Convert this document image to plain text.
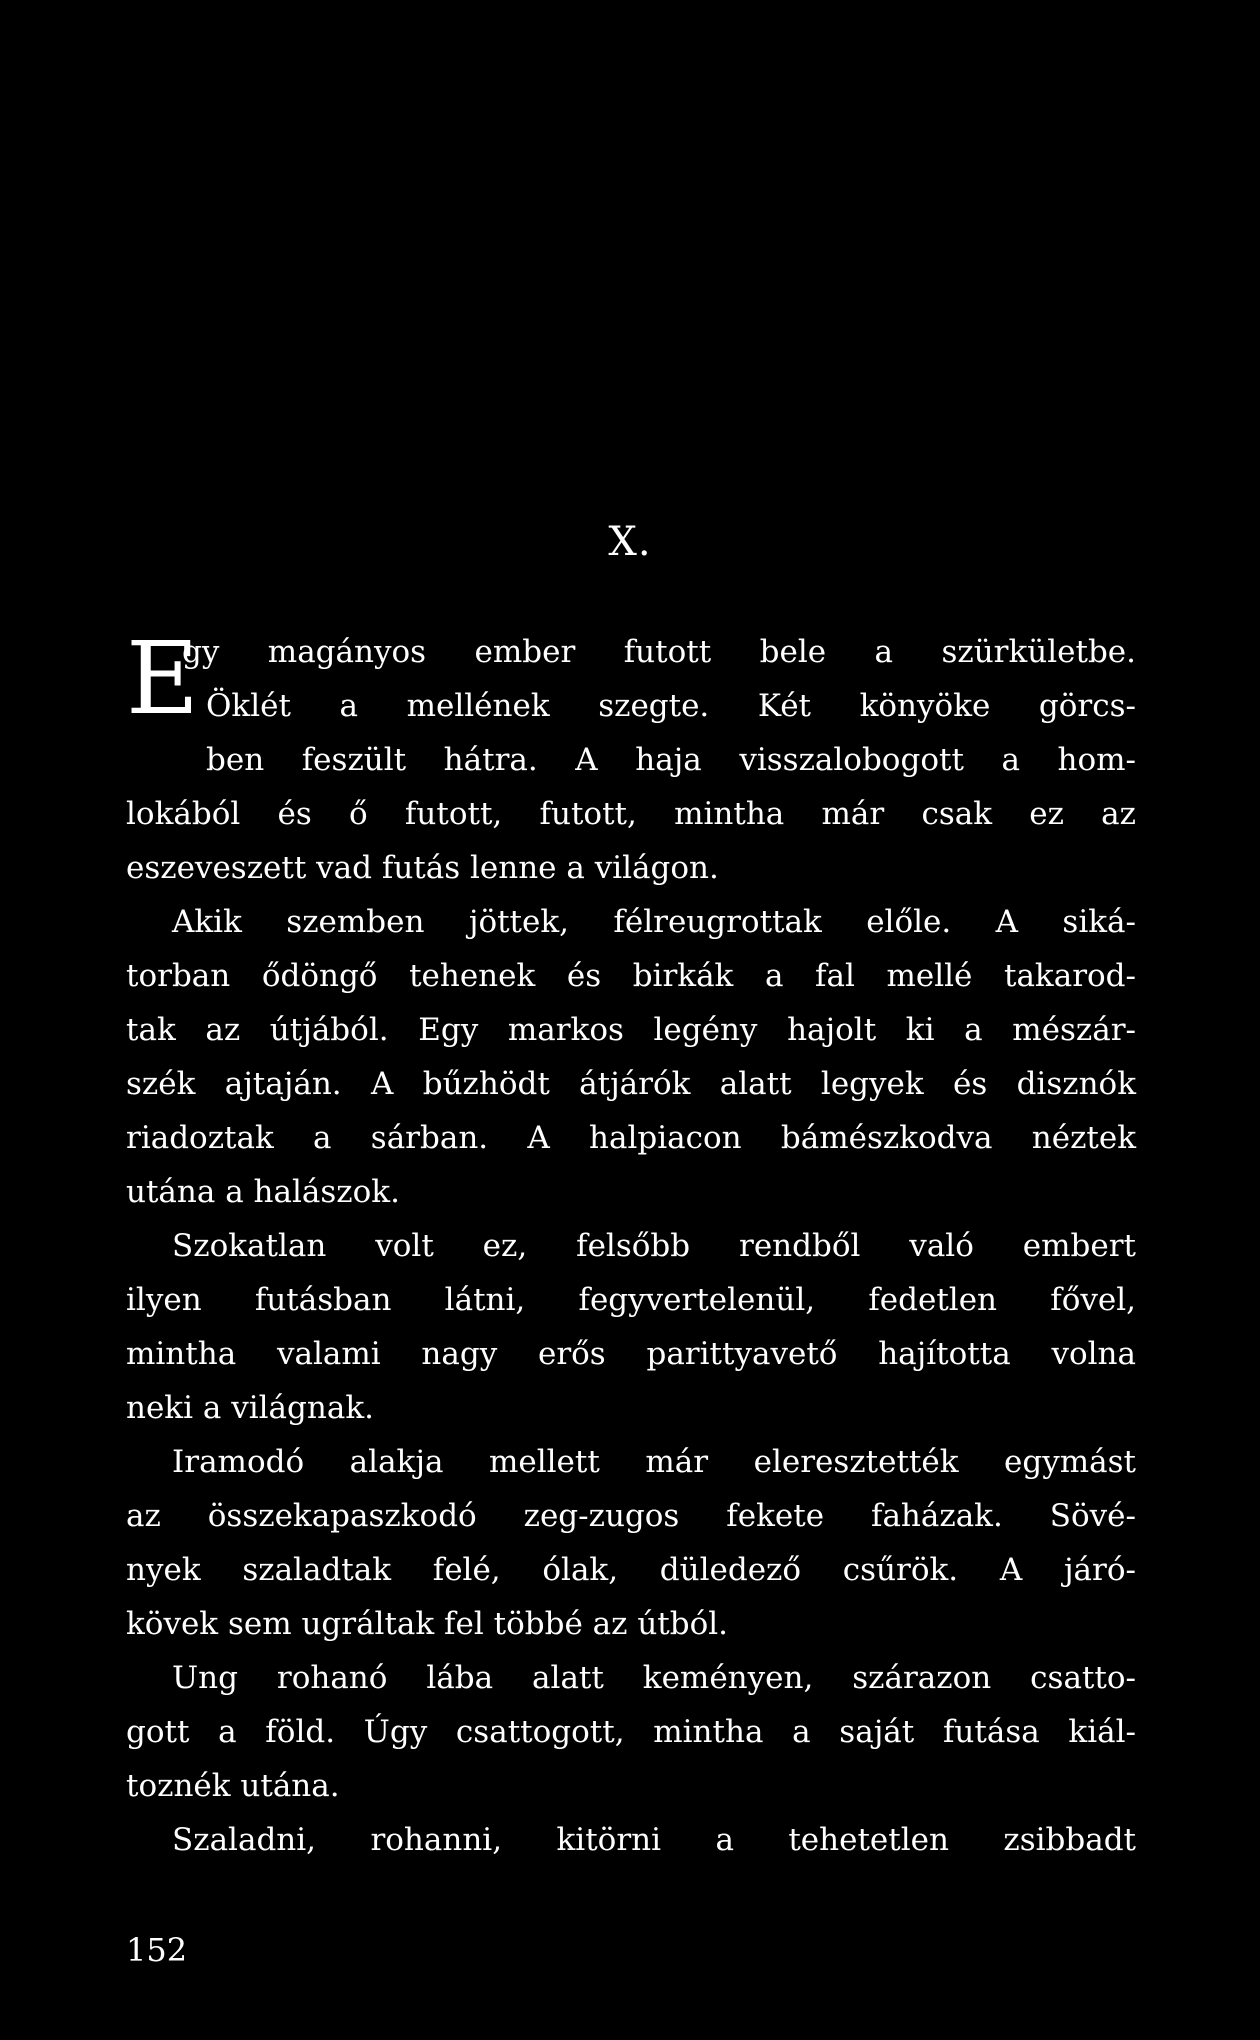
X.
E
gy magányos ember futott bele a szürkületbe.
Öklét a mellének szegte. Két könyöke görcs-
ben feszült hátra. A haja visszalobogott a hom-
lokából és ő futott, futott, mintha már csak ez az
eszeveszett vad futás lenne a világon.
Akik szemben jöttek, félreugrottak előle. A siká-
torban ődöngő tehenek és birkák a fal mellé takarod-
tak az útjából. Egy markos legény hajolt ki a mészár-
szék ajtaján. A bűzhödt átjárók alatt legyek és disznók
riadoztak a sárban. A halpiacon bámészkodva néztek
utána a halászok.
Szokatlan volt ez, felsőbb rendből való embert
ilyen futásban látni, fegyvertelenül, fedetlen fővel,
mintha valami nagy erős parittyavető hajította volna
neki a világnak.
Iramodó alakja mellett már eleresztették egymást
az összekapaszkodó zeg-zugos fekete faházak. Sövé-
nyek szaladtak felé, ólak, düledező csűrök. A járó-
kövek sem ugráltak fel többé az útból.
Ung rohanó lába alatt keményen, szárazon csatto-
gott a föld. Úgy csattogott, mintha a saját futása kiál-
toznék utána.
Szaladni, rohanni, kitörni a tehetetlen zsibbadt
152
